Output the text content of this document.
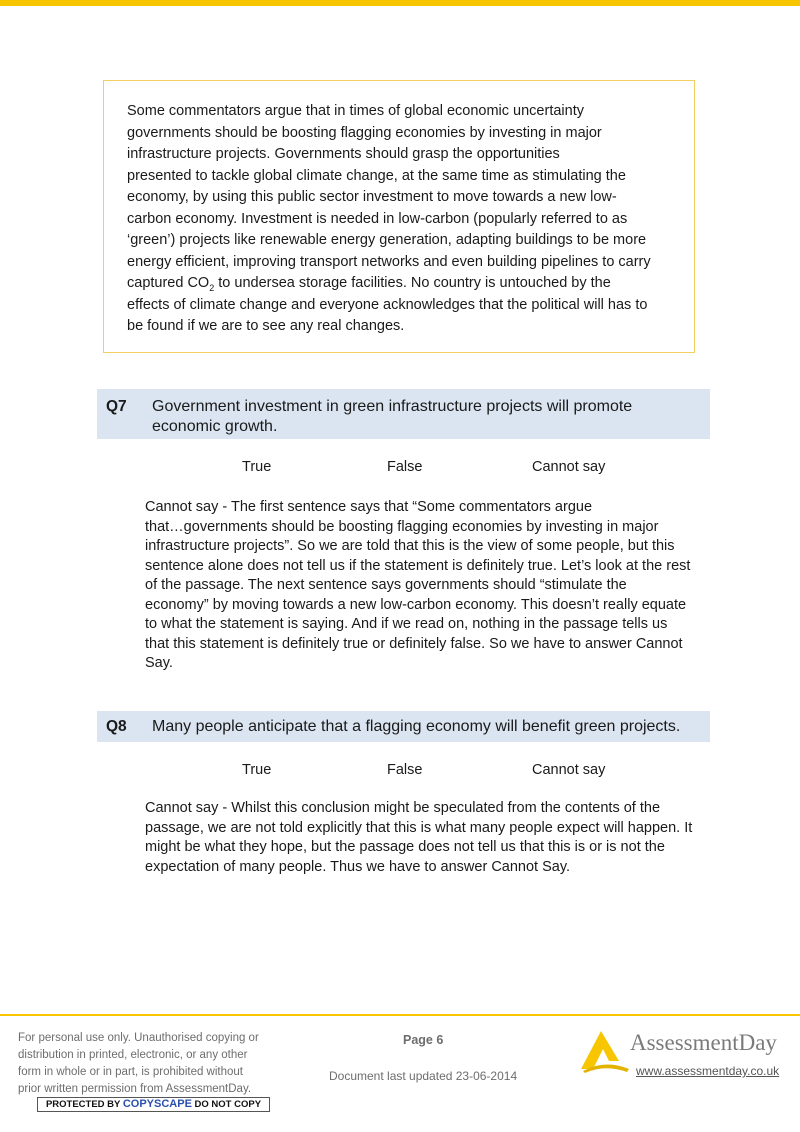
Some commentators argue that in times of global economic uncertainty
governments should be boosting flagging economies by investing in major
infrastructure projects. Governments should grasp the opportunities
presented to tackle global climate change, at the same time as stimulating the
economy, by using this public sector investment to move towards a new low-
carbon economy. Investment is needed in low-carbon (popularly referred to as
‘green’) projects like renewable energy generation, adapting buildings to be more
energy efficient, improving transport networks and even building pipelines to carry
captured $CO_2$ to undersea storage facilities. No country is untouched by the
effects of climate change and everyone acknowledges that the political will has to
be found if we are to see any real changes.
Q7 Government investment in green infrastructure projects will promote
economic growth.
True	False	Cannot say
Cannot say - The first sentence says that “Some commentators argue
that…governments should be boosting flagging economies by investing in major
infrastructure projects”. So we are told that this is the view of some people, but this
sentence alone does not tell us if the statement is definitely true. Let’s look at the rest
of the passage. The next sentence says governments should “stimulate the
economy” by moving towards a new low-carbon economy. This doesn’t really equate
to what the statement is saying. And if we read on, nothing in the passage tells us
that this statement is definitely true or definitely false. So we have to answer Cannot
Say.
Q8 Many people anticipate that a flagging economy will benefit green projects.
True	False	Cannot say
Cannot say - Whilst this conclusion might be speculated from the contents of the
passage, we are not told explicitly that this is what many people expect will happen. It
might be what they hope, but the passage does not tell us that this is or is not the
expectation of many people. Thus we have to answer Cannot Say.
For personal use only. Unauthorised copying or
distribution in printed, electronic, or any other
form in whole or in part, is prohibited without
prior written permission from AssessmentDay.
PROTECTED BY COPYSCAPE DO NOT COPY
Page 6
Document last updated 23-06-2014
AssessmentDay
www.assessmentday.co.uk
